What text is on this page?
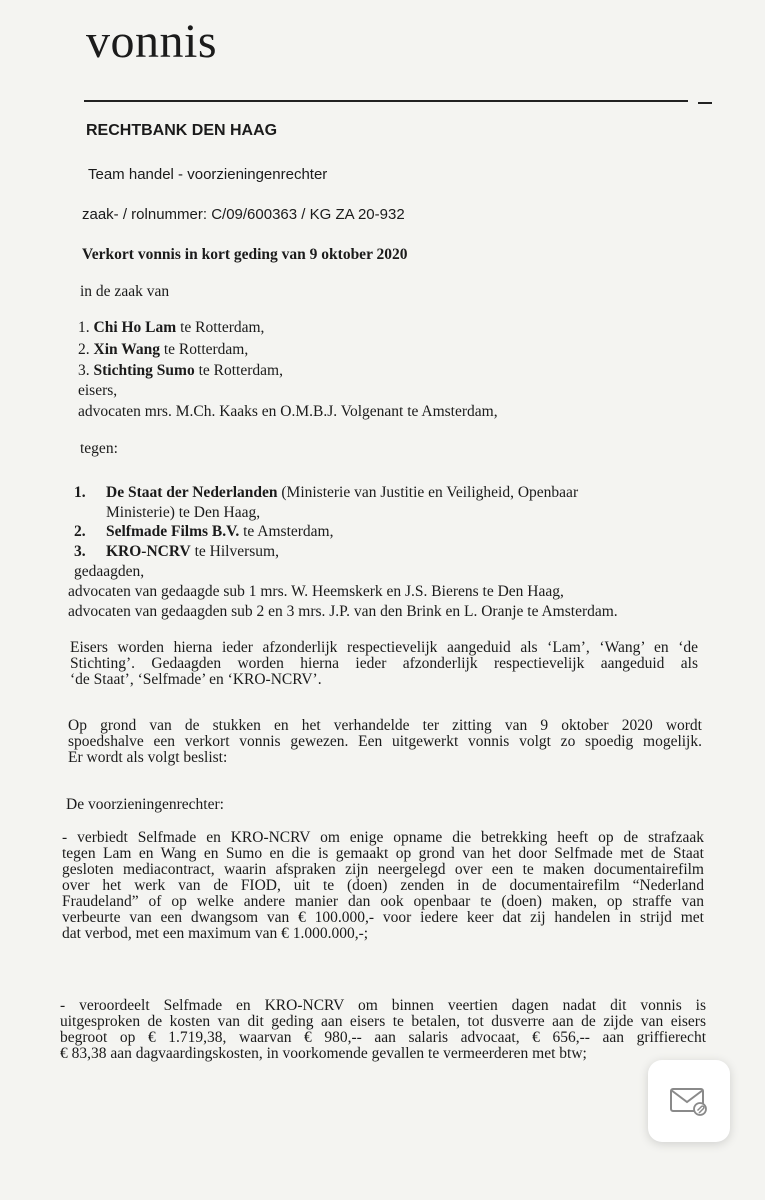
vonnis
RECHTBANK DEN HAAG
Team handel - voorzieningenrechter
zaak- / rolnummer: C/09/600363 / KG ZA 20-932
Verkort vonnis in kort geding van 9 oktober 2020
in de zaak van
1. Chi Ho Lam te Rotterdam,
2. Xin Wang te Rotterdam,
3. Stichting Sumo te Rotterdam,
eisers,
advocaten mrs. M.Ch. Kaaks en O.M.B.J. Volgenant te Amsterdam,
tegen:
1. De Staat der Nederlanden (Ministerie van Justitie en Veiligheid, Openbaar
Ministerie) te Den Haag,
2. Selfmade Films B.V. te Amsterdam,
3. KRO-NCRV te Hilversum,
gedaagden,
advocaten van gedaagde sub 1 mrs. W. Heemskerk en J.S. Bierens te Den Haag,
advocaten van gedaagden sub 2 en 3 mrs. J.P. van den Brink en L. Oranje te Amsterdam.
Eisers worden hierna ieder afzonderlijk respectievelijk aangeduid als ‘Lam’, ‘Wang’ en ‘de
Stichting’. Gedaagden worden hierna ieder afzonderlijk respectievelijk aangeduid als
‘de Staat’, ‘Selfmade’ en ‘KRO-NCRV’.
Op grond van de stukken en het verhandelde ter zitting van 9 oktober 2020 wordt
spoedshalve een verkort vonnis gewezen. Een uitgewerkt vonnis volgt zo spoedig mogelijk.
Er wordt als volgt beslist:
De voorzieningenrechter:
- verbiedt Selfmade en KRO-NCRV om enige opname die betrekking heeft op de strafzaak
tegen Lam en Wang en Sumo en die is gemaakt op grond van het door Selfmade met de Staat
gesloten mediacontract, waarin afspraken zijn neergelegd over een te maken documentairefilm
over het werk van de FIOD, uit te (doen) zenden in de documentairefilm “Nederland
Fraudeland” of op welke andere manier dan ook openbaar te (doen) maken, op straffe van
verbeurte van een dwangsom van € 100.000,- voor iedere keer dat zij handelen in strijd met
dat verbod, met een maximum van € 1.000.000,-;
- veroordeelt Selfmade en KRO-NCRV om binnen veertien dagen nadat dit vonnis is
uitgesproken de kosten van dit geding aan eisers te betalen, tot dusverre aan de zijde van eisers
begroot op € 1.719,38, waarvan € 980,-- aan salaris advocaat, € 656,-- aan griffierecht
€ 83,38 aan dagvaardingskosten, in voorkomende gevallen te vermeerderen met btw;
